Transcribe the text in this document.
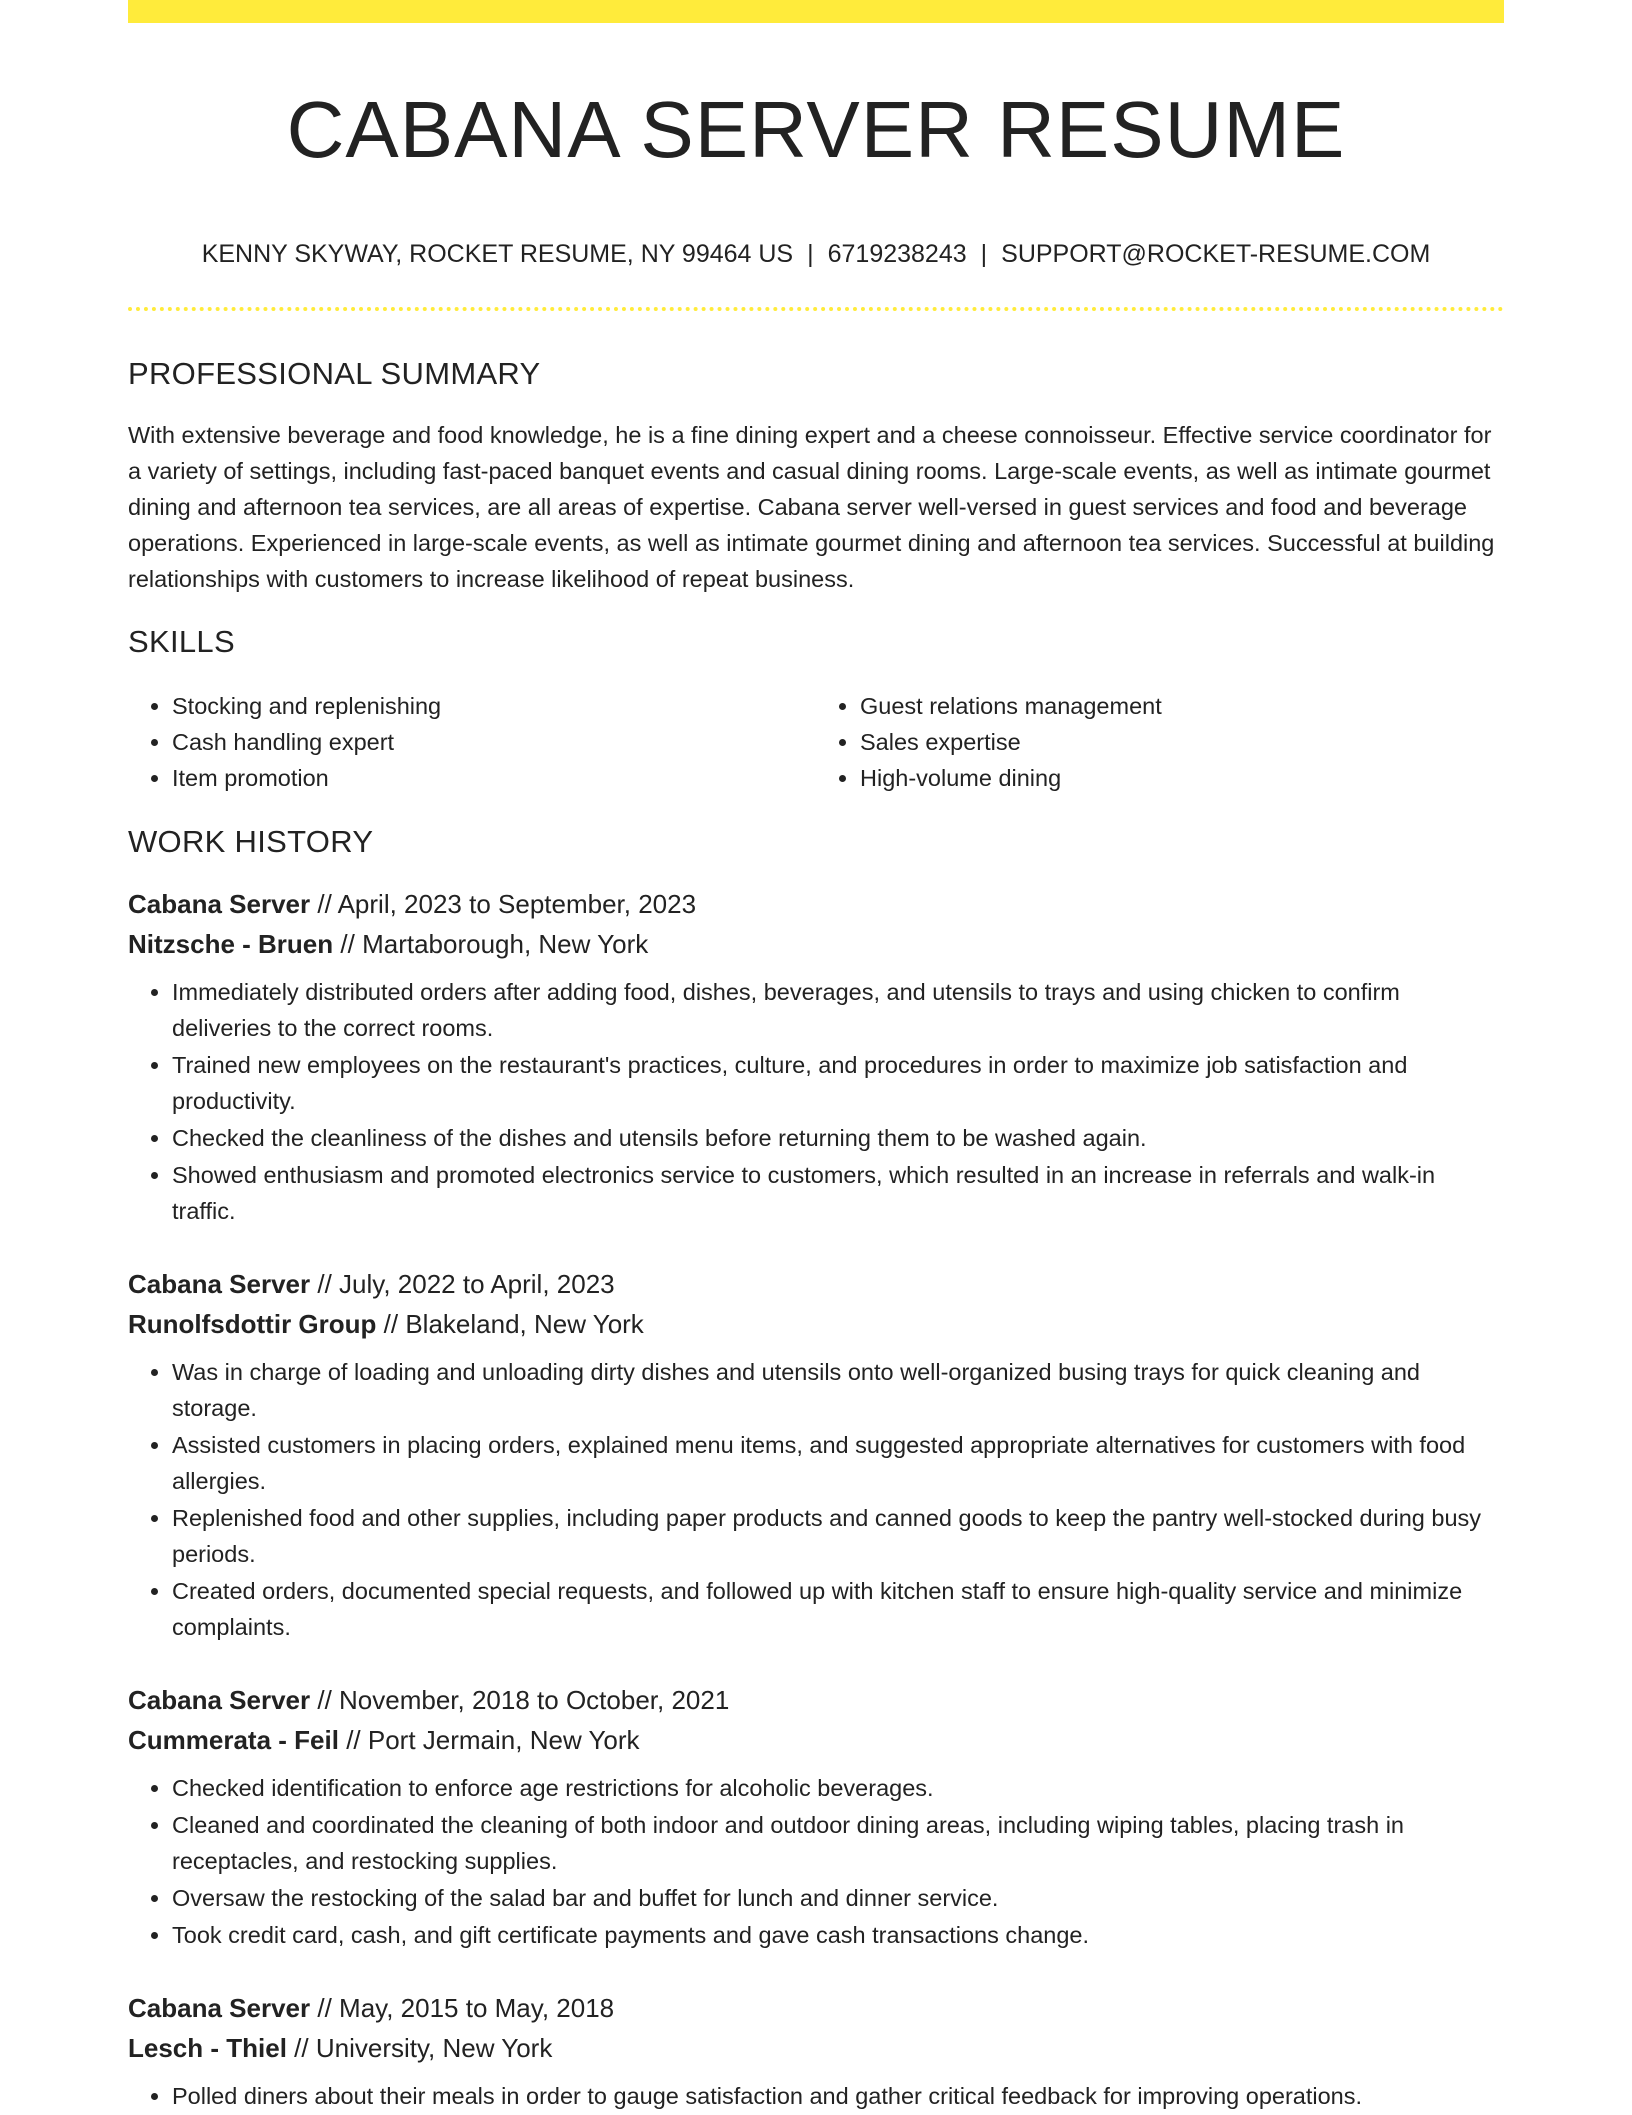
CABANA SERVER RESUME
KENNY SKYWAY, ROCKET RESUME, NY 99464 US | 6719238243 | SUPPORT@ROCKET-RESUME.COM
PROFESSIONAL SUMMARY
With extensive beverage and food knowledge, he is a fine dining expert and a cheese connoisseur. Effective service coordinator for a variety of settings, including fast-paced banquet events and casual dining rooms. Large-scale events, as well as intimate gourmet dining and afternoon tea services, are all areas of expertise. Cabana server well-versed in guest services and food and beverage operations. Experienced in large-scale events, as well as intimate gourmet dining and afternoon tea services. Successful at building relationships with customers to increase likelihood of repeat business.
SKILLS
• Stocking and replenishing
• Cash handling expert
• Item promotion
• Guest relations management
• Sales expertise
• High-volume dining
WORK HISTORY
Cabana Server // April, 2023 to September, 2023
Nitzsche - Bruen // Martaborough, New York
• Immediately distributed orders after adding food, dishes, beverages, and utensils to trays and using chicken to confirm deliveries to the correct rooms.
• Trained new employees on the restaurant's practices, culture, and procedures in order to maximize job satisfaction and productivity.
• Checked the cleanliness of the dishes and utensils before returning them to be washed again.
• Showed enthusiasm and promoted electronics service to customers, which resulted in an increase in referrals and walk-in traffic.
Cabana Server // July, 2022 to April, 2023
Runolfsdottir Group // Blakeland, New York
• Was in charge of loading and unloading dirty dishes and utensils onto well-organized busing trays for quick cleaning and storage.
• Assisted customers in placing orders, explained menu items, and suggested appropriate alternatives for customers with food allergies.
• Replenished food and other supplies, including paper products and canned goods to keep the pantry well-stocked during busy periods.
• Created orders, documented special requests, and followed up with kitchen staff to ensure high-quality service and minimize complaints.
Cabana Server // November, 2018 to October, 2021
Cummerata - Feil // Port Jermain, New York
• Checked identification to enforce age restrictions for alcoholic beverages.
• Cleaned and coordinated the cleaning of both indoor and outdoor dining areas, including wiping tables, placing trash in receptacles, and restocking supplies.
• Oversaw the restocking of the salad bar and buffet for lunch and dinner service.
• Took credit card, cash, and gift certificate payments and gave cash transactions change.
Cabana Server // May, 2015 to May, 2018
Lesch - Thiel // University, New York
• Polled diners about their meals in order to gauge satisfaction and gather critical feedback for improving operations.
